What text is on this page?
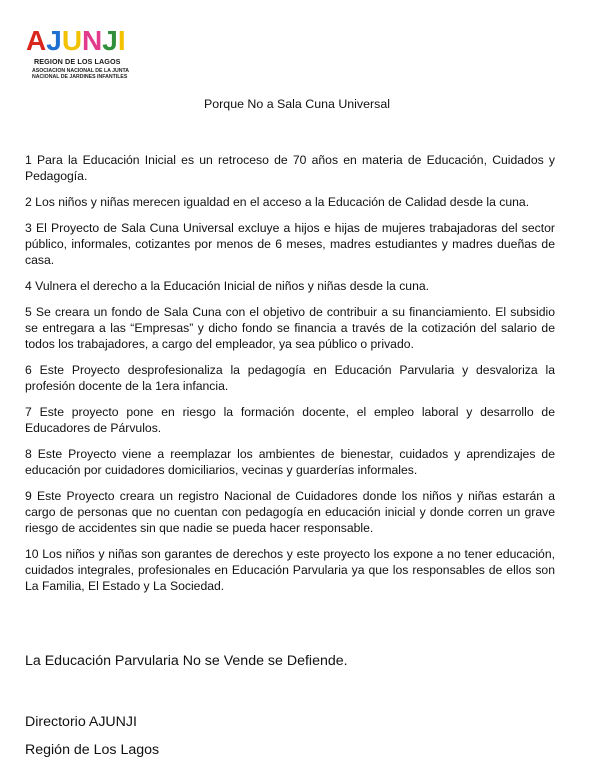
AJUNJI
REGION DE LOS LAGOS
ASOCIACION NACIONAL DE LA JUNTA
NACIONAL DE JARDINES INFANTILES
Porque No a Sala Cuna Universal
1 Para la Educación Inicial es un retroceso de 70 años en materia de Educación, Cuidados y Pedagogía.
2 Los niños y niñas merecen igualdad en el acceso a la Educación de Calidad desde la cuna.
3 El Proyecto de Sala Cuna Universal excluye a hijos e hijas de mujeres trabajadoras del sector público, informales, cotizantes por menos de 6 meses, madres estudiantes y madres dueñas de casa.
4 Vulnera el derecho a la Educación Inicial de niños y niñas desde la cuna.
5 Se creara un fondo de Sala Cuna con el objetivo de contribuir a su financiamiento. El subsidio se entregara a las “Empresas” y dicho fondo se financia a través de la cotización del salario de todos los trabajadores, a cargo del empleador, ya sea público o privado.
6 Este Proyecto desprofesionaliza la pedagogía en Educación Parvularia y desvaloriza la profesión docente de la 1era infancia.
7 Este proyecto pone en riesgo la formación docente, el empleo laboral y desarrollo de Educadores de Párvulos.
8 Este Proyecto viene a reemplazar los ambientes de bienestar, cuidados y aprendizajes de educación por cuidadores domiciliarios, vecinas y guarderías informales.
9 Este Proyecto creara un registro Nacional de Cuidadores donde los niños y niñas estarán a cargo de personas que no cuentan con pedagogía en educación inicial y donde corren un grave riesgo de accidentes sin que nadie se pueda hacer responsable.
10 Los niños y niñas son garantes de derechos y este proyecto los expone a no tener educación, cuidados integrales, profesionales en Educación Parvularia ya que los responsables de ellos son La Familia, El Estado y La Sociedad.
La Educación Parvularia No se Vende se Defiende.
Directorio AJUNJI
Región de Los Lagos
